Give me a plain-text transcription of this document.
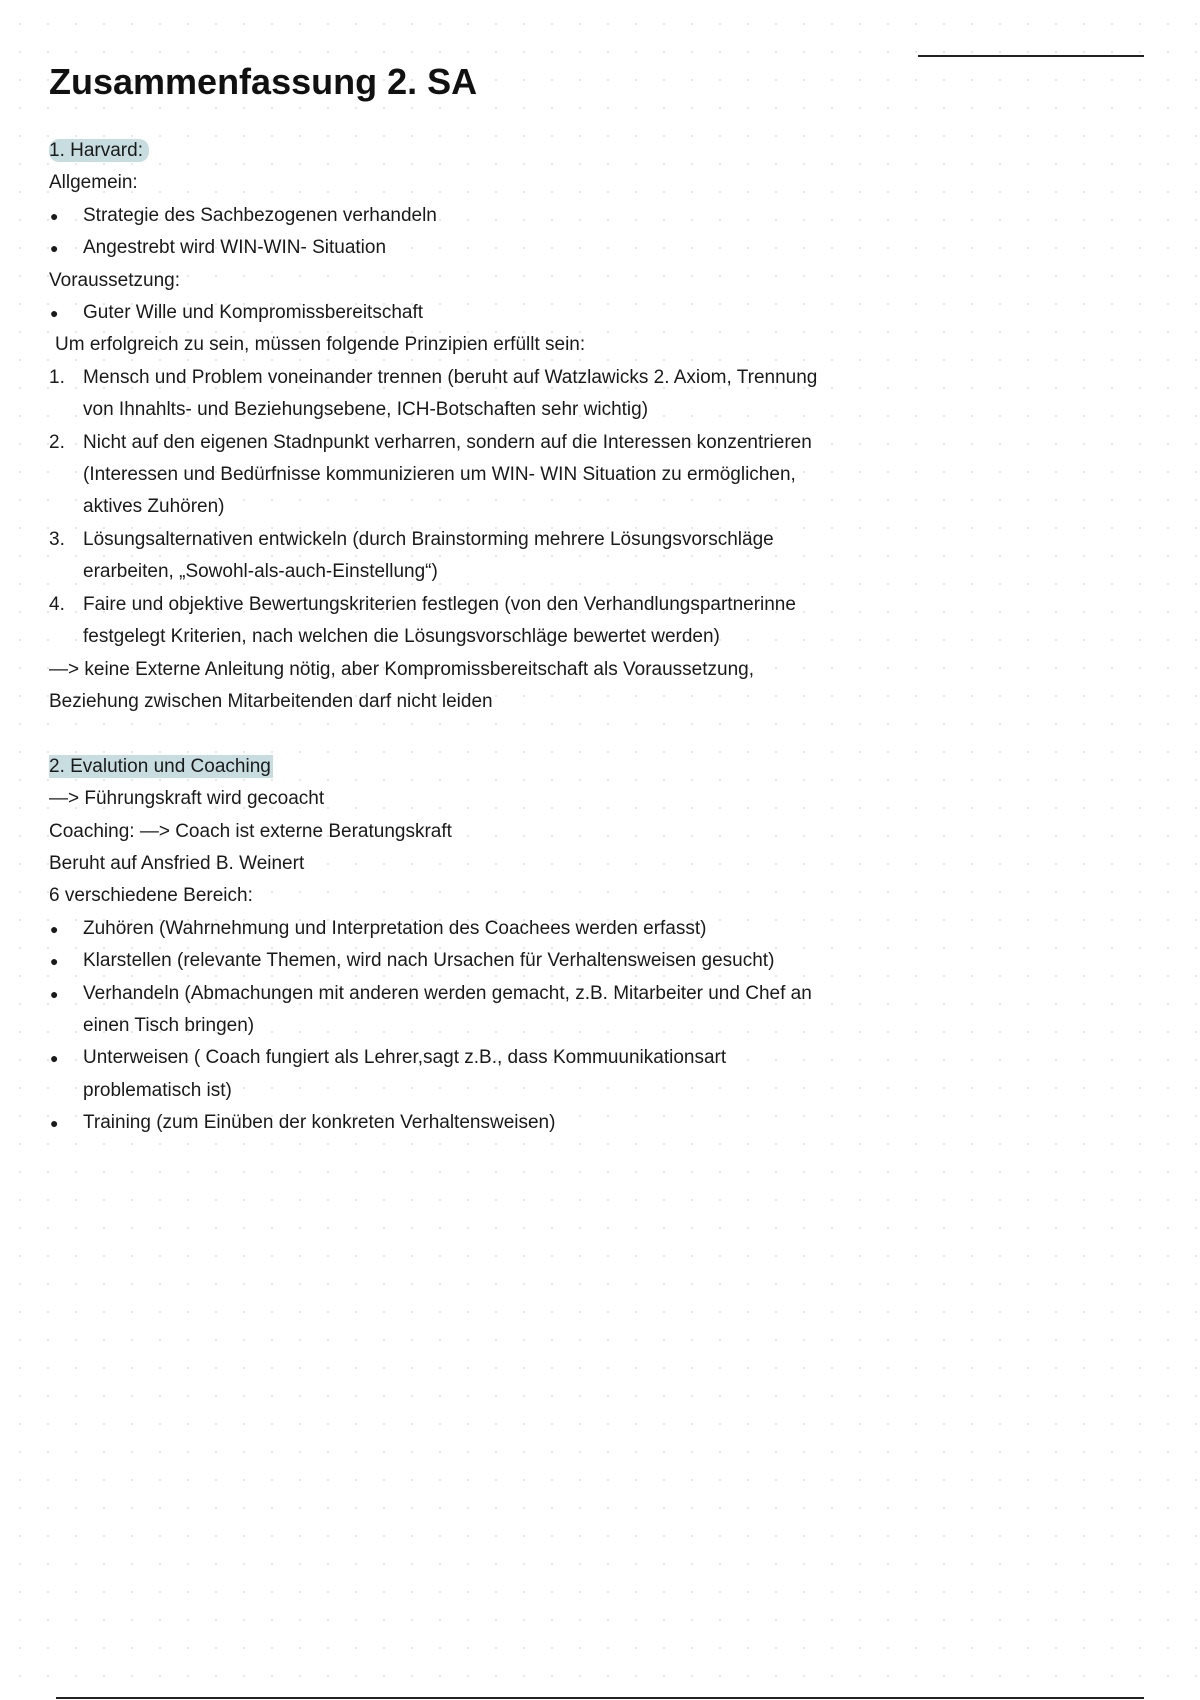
Zusammenfassung 2. SA

1. Harvard:

Allgemein:

● Strategie des Sachbezogenen verhandeln

● Angestrebt wird WIN-WIN- Situation

Voraussetzung:

● Guter Wille und Kompromissbereitschaft

Um erfolgreich zu sein, müssen folgende Prinzipien erfüllt sein:

1. Mensch und Problem voneinander trennen (beruht auf Watzlawicks 2. Axiom, Trennung

von Ihnahlts- und Beziehungsebene, ICH-Botschaften sehr wichtig)

2. Nicht auf den eigenen Stadnpunkt verharren, sondern auf die Interessen konzentrieren

(Interessen und Bedürfnisse kommunizieren um WIN- WIN Situation zu ermöglichen,

aktives Zuhören)

3. Lösungsalternativen entwickeln (durch Brainstorming mehrere Lösungsvorschläge

erarbeiten, „Sowohl-als-auch-Einstellung“)

4. Faire und objektive Bewertungskriterien festlegen (von den Verhandlungspartnerinne

festgelegt Kriterien, nach welchen die Lösungsvorschläge bewertet werden)

—> keine Externe Anleitung nötig, aber Kompromissbereitschaft als Voraussetzung,

Beziehung zwischen Mitarbeitenden darf nicht leiden

2. Evalution und Coaching

—> Führungskraft wird gecoacht

Coaching: —> Coach ist externe Beratungskraft

Beruht auf Ansfried B. Weinert

6 verschiedene Bereich:

● Zuhören (Wahrnehmung und Interpretation des Coachees werden erfasst)

● Klarstellen (relevante Themen, wird nach Ursachen für Verhaltensweisen gesucht)

● Verhandeln (Abmachungen mit anderen werden gemacht, z.B. Mitarbeiter und Chef an

einen Tisch bringen)

● Unterweisen ( Coach fungiert als Lehrer,sagt z.B., dass Kommuunikationsart

problematisch ist)

● Training (zum Einüben der konkreten Verhaltensweisen)
